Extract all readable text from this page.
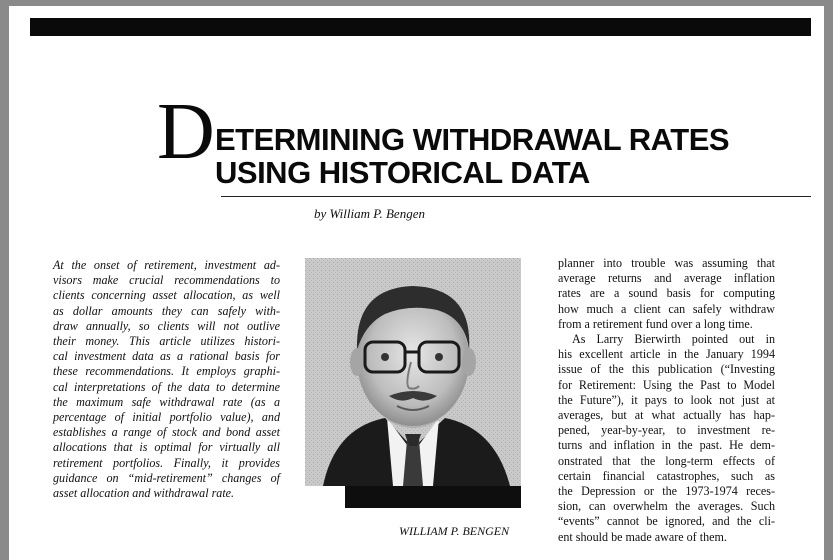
D ETERMINING WITHDRAWAL RATES
USING HISTORICAL DATA
by William P. Bengen
At the onset of retirement, investment ad-
visors make crucial recommendations to
clients concerning asset allocation, as well
as dollar amounts they can safely with-
draw annually, so clients will not outlive
their money. This article utilizes histori-
cal investment data as a rational basis for
these recommendations. It employs graphi-
cal interpretations of the data to determine
the maximum safe withdrawal rate (as a
percentage of initial portfolio value), and
establishes a range of stock and bond asset
allocations that is optimal for virtually all
retirement portfolios. Finally, it provides
guidance on “mid-retirement” changes of
asset allocation and withdrawal rate.
WILLIAM P. BENGEN
planner into trouble was assuming that
average returns and average inflation
rates are a sound basis for computing
how much a client can safely withdraw
from a retirement fund over a long time.
As Larry Bierwirth pointed out in
his excellent article in the January 1994
issue of the this publication (“Investing
for Retirement: Using the Past to Model
the Future”), it pays to look not just at
averages, but at what actually has hap-
pened, year-by-year, to investment re-
turns and inflation in the past. He dem-
onstrated that the long-term effects of
certain financial catastrophes, such as
the Depression or the 1973-1974 reces-
sion, can overwhelm the averages. Such
“events” cannot be ignored, and the cli-
ent should be made aware of them.
